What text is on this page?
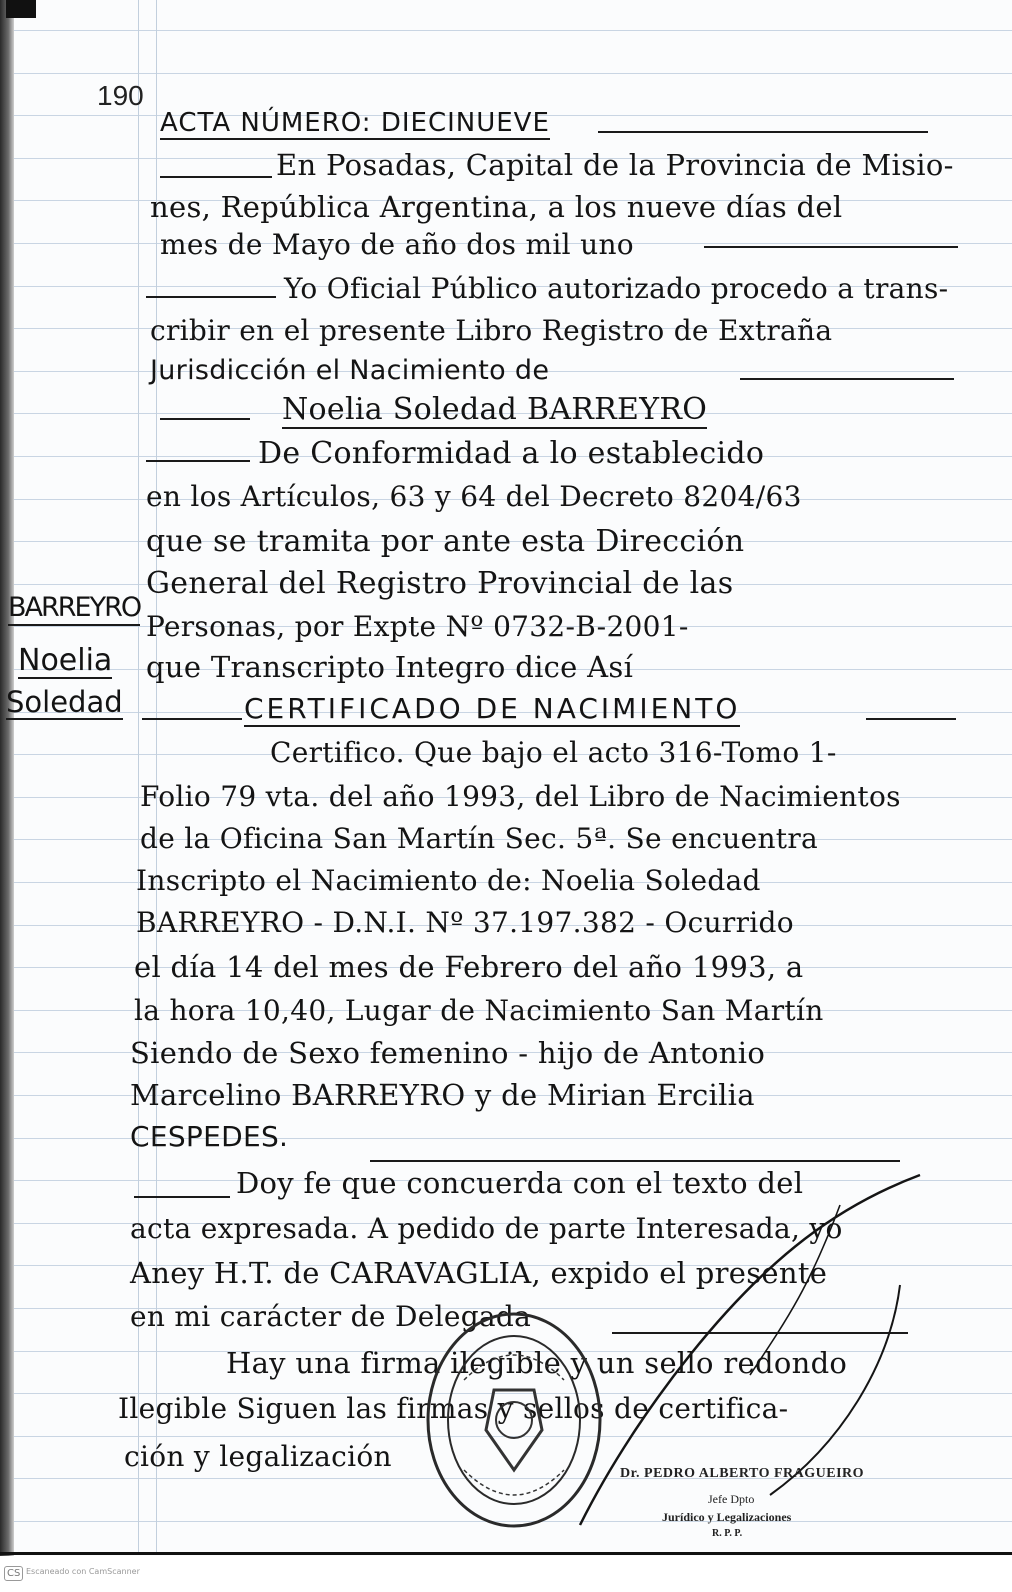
190
BARREYRO
Noelia
Soledad
ACTA NÚMERO: DIECINUEVE
En Posadas, Capital de la Provincia de Misio-
nes, República Argentina, a los nueve días del
mes de Mayo de año dos mil uno
Yo Oficial Público autorizado procedo a trans-
cribir en el presente Libro Registro de Extraña
Jurisdicción el Nacimiento de
Noelia Soledad BARREYRO
De Conformidad a lo establecido
en los Artículos, 63 y 64 del Decreto 8204/63
que se tramita por ante esta Dirección
General del Registro Provincial de las
Personas, por Expte Nº 0732-B-2001-
que Transcripto Integro dice Así
CERTIFICADO DE NACIMIENTO
Certifico. Que bajo el acto 316-Tomo 1-
Folio 79 vta. del año 1993, del Libro de Nacimientos
de la Oficina San Martín Sec. 5ª. Se encuentra
Inscripto el Nacimiento de: Noelia Soledad
BARREYRO - D.N.I. Nº 37.197.382 - Ocurrido
el día 14 del mes de Febrero del año 1993, a
la hora 10,40, Lugar de Nacimiento San Martín
Siendo de Sexo femenino - hijo de Antonio
Marcelino BARREYRO y de Mirian Ercilia
CESPEDES.
Doy fe que concuerda con el texto del
acta expresada. A pedido de parte Interesada, yo
Aney H.T. de CARAVAGLIA, expido el presente
en mi carácter de Delegada
Hay una firma ilegible y un sello redondo
Ilegible Siguen las firmas y sellos de certifica-
ción y legalización
Dr. PEDRO ALBERTO FRAGUEIRO
Jefe Dpto
Jurídico y Legalizaciones
R. P. P.
CS Escaneado con CamScanner
